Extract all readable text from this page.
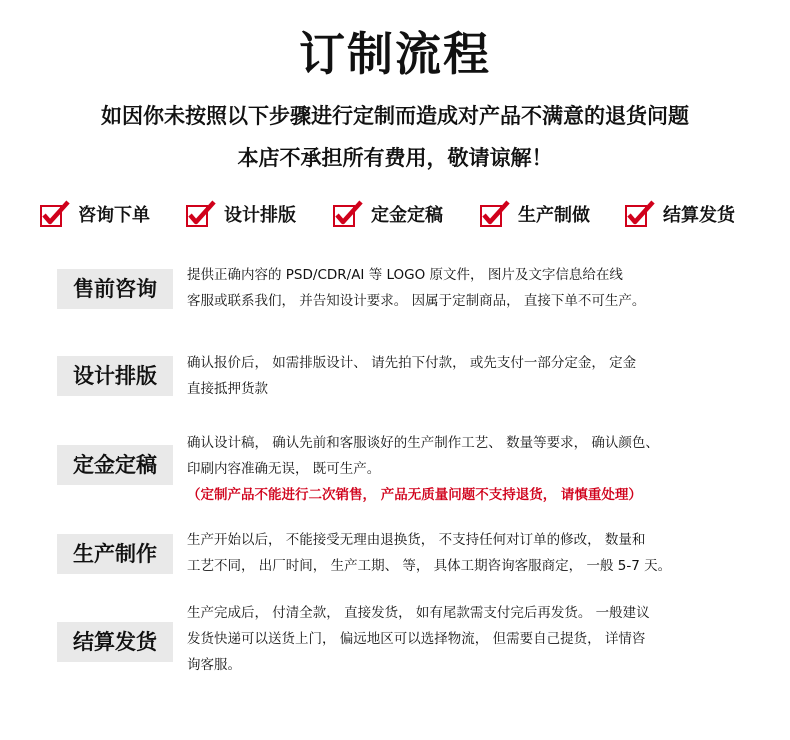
订制流程
如因你未按照以下步骤进行定制而造成对产品不满意的退货问题
本店不承担所有费用，敬请谅解！
咨询下单	设计排版	定金定稿	生产制做	结算发货
售前咨询
提供正确内容的 PSD/CDR/AI 等 LOGO 原文件， 图片及文字信息给在线
客服或联系我们， 并告知设计要求。 因属于定制商品， 直接下单不可生产。
设计排版
确认报价后， 如需排版设计、 请先拍下付款， 或先支付一部分定金， 定金
直接抵押货款
定金定稿
确认设计稿， 确认先前和客服谈好的生产制作工艺、 数量等要求， 确认颜色、
印刷内容准确无误， 既可生产。
（定制产品不能进行二次销售， 产品无质量问题不支持退货， 请慎重处理）
生产制作
生产开始以后， 不能接受无理由退换货， 不支持任何对订单的修改， 数量和
工艺不同， 出厂时间， 生产工期、 等， 具体工期咨询客服商定， 一般 5-7 天。
结算发货
生产完成后， 付清全款， 直接发货， 如有尾款需支付完后再发货。 一般建议
发货快递可以送货上门， 偏远地区可以选择物流， 但需要自己提货， 详情咨
询客服。
